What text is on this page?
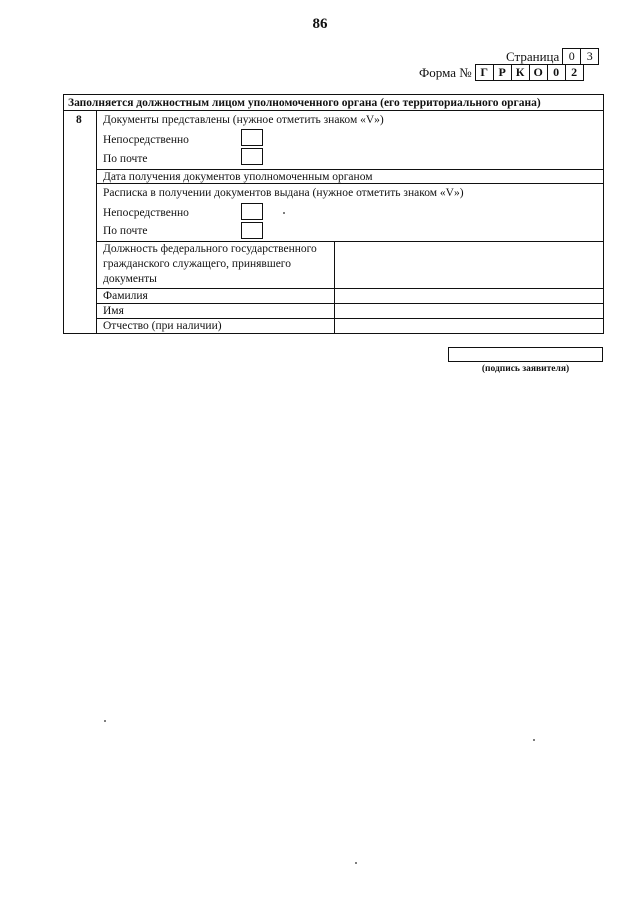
86
Страница 0	3
Форма № Г Р К О 0	2
Заполняется должностным лицом уполномоченного органа (его территориального органа)
8 Документы представлены (нужное отметить знаком «V»)
Непосредственно
По почте
Дата получения документов уполномоченным органом
Расписка в получении документов выдана (нужное отметить знаком «V»)
Непосредственно
По почте
Должность федерального государственного гражданского служащего, принявшего документы
Фамилия
Имя
Отчество (при наличии)
(подпись заявителя)
